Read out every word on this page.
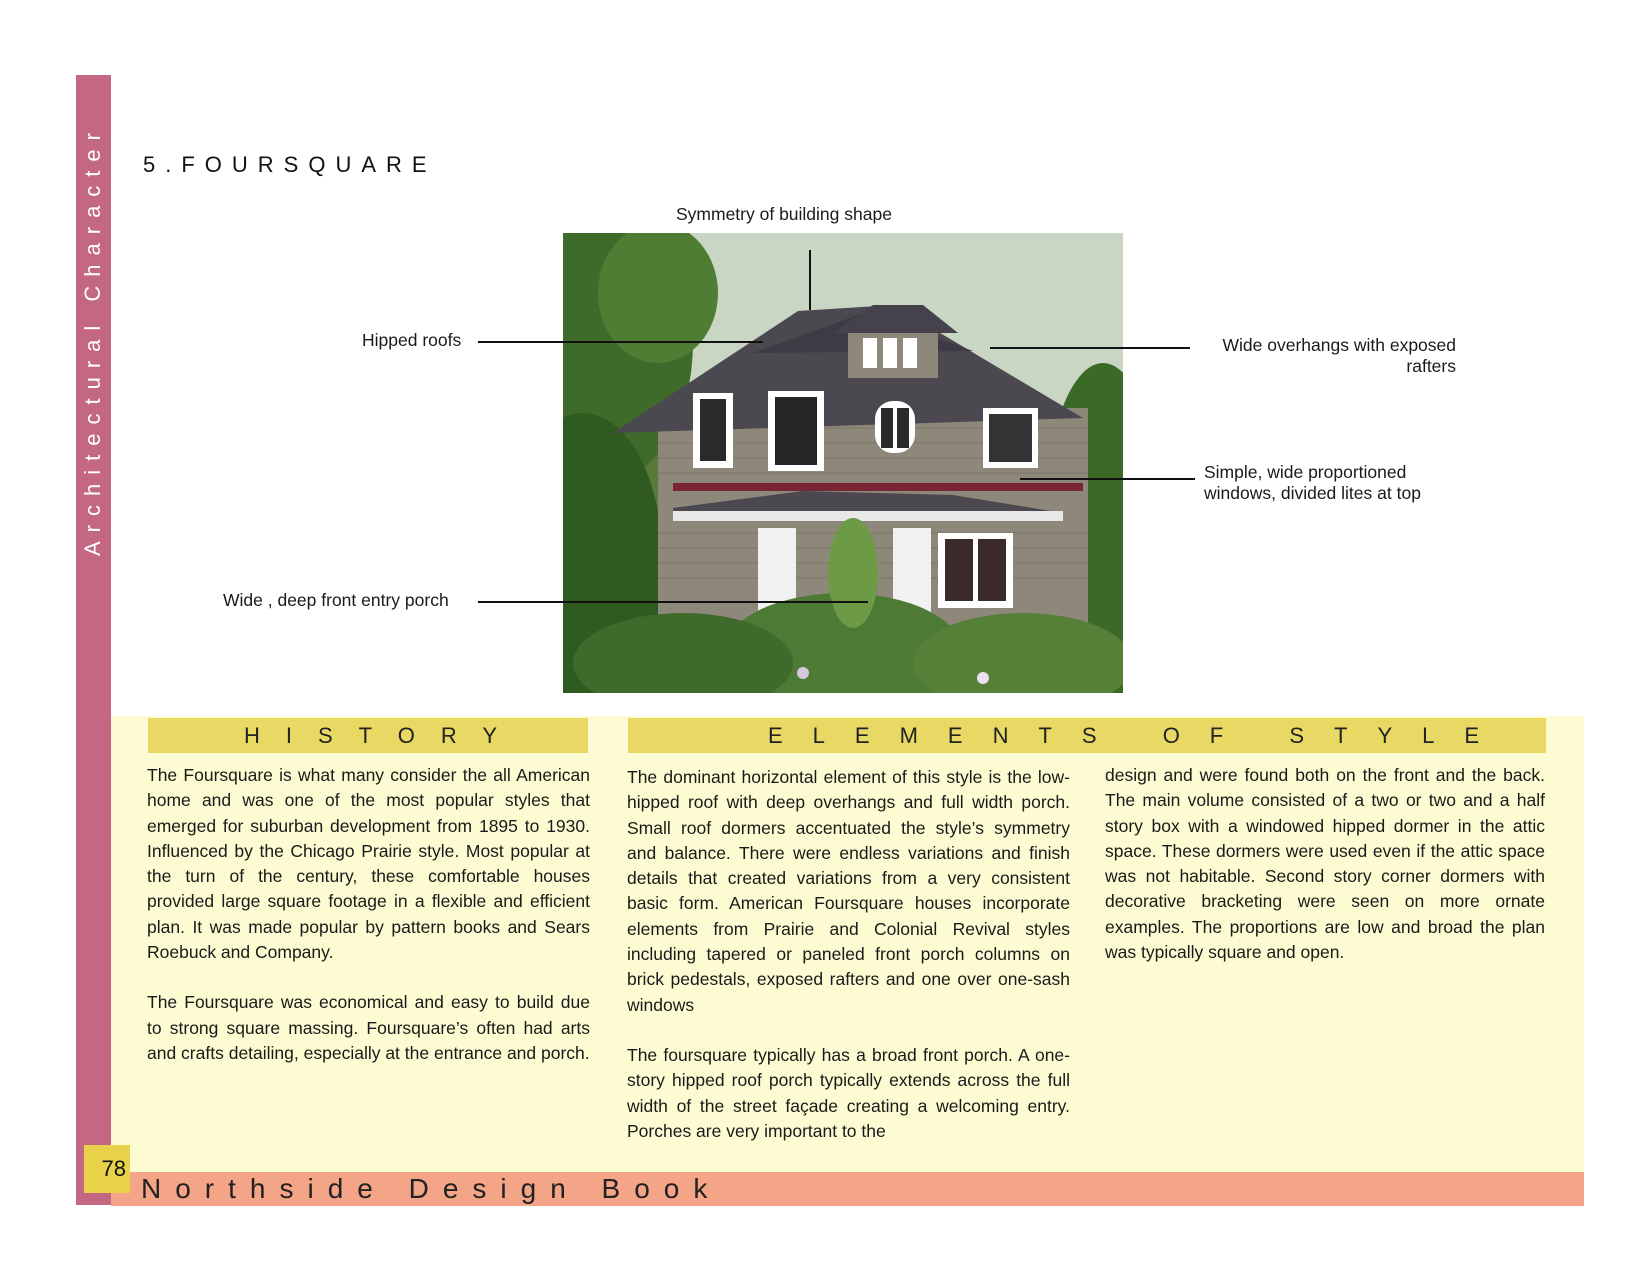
Architectural Character 5.FOURSQUARE
Symmetry of building shape
Hipped roofs	Wide overhangs with exposed
rafters
Simple, wide proportioned
windows, divided lites at top
Wide , deep front entry porch
HISTORY	ELEMENTS OF STYLE

The Foursquare is what many consider the all American home and was one of the most popular styles that emerged for suburban development from 1895 to 1930. Influenced by the Chicago Prairie style. Most popular at the turn of the century, these comfortable houses provided large square footage in a flexible and efficient plan. It was made popular by pattern books and Sears Roebuck and Company.

The Foursquare was economical and easy to build due to strong square massing. Foursquare’s often had arts and crafts detailing, especially at the entrance and porch.

The dominant horizontal element of this style is the low-hipped roof with deep overhangs and full width porch. Small roof dormers accentuated the style’s symmetry and balance. There were endless variations and finish details that created variations from a very consistent basic form. American Foursquare houses incorporate elements from Prairie and Colonial Revival styles including tapered or paneled front porch columns on brick pedestals, exposed rafters and one over one-sash windows

The foursquare typically has a broad front porch. A one-story hipped roof porch typically extends across the full width of the street façade creating a welcoming entry. Porches are very important to the

design and were found both on the front and the back. The main volume consisted of a two or two and a half story box with a windowed hipped dormer in the attic space. These dormers were used even if the attic space was not habitable. Second story corner dormers with decorative bracketing were seen on more ornate examples. The proportions are low and broad the plan was typically square and open.

78
Northside Design Book
